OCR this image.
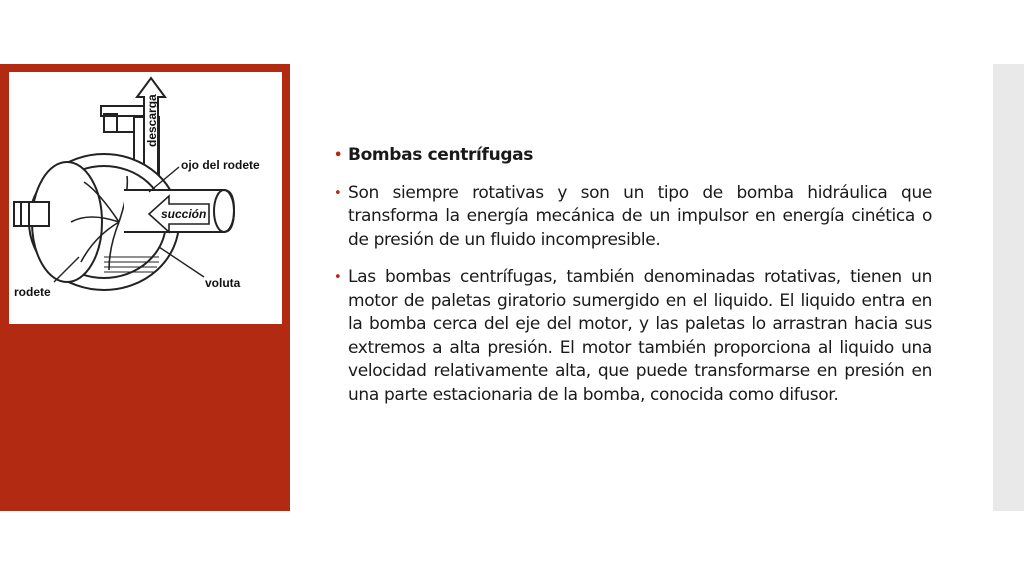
descarga
ojo del rodete
succión
rodete
voluta
• Bombas centrífugas
• Son siempre rotativas y son un tipo de bomba hidráulica que transforma la energía mecánica de un impulsor en energía cinética o de presión de un fluido incompresible.
• Las bombas centrífugas, también denominadas rotativas, tienen un motor de paletas giratorio sumergido en el liquido. El liquido entra en la bomba cerca del eje del motor, y las paletas lo arrastran hacia sus extremos a alta presión. El motor también proporciona al liquido una velocidad relativamente alta, que puede transformarse en presión en una parte estacionaria de la bomba, conocida como difusor.
